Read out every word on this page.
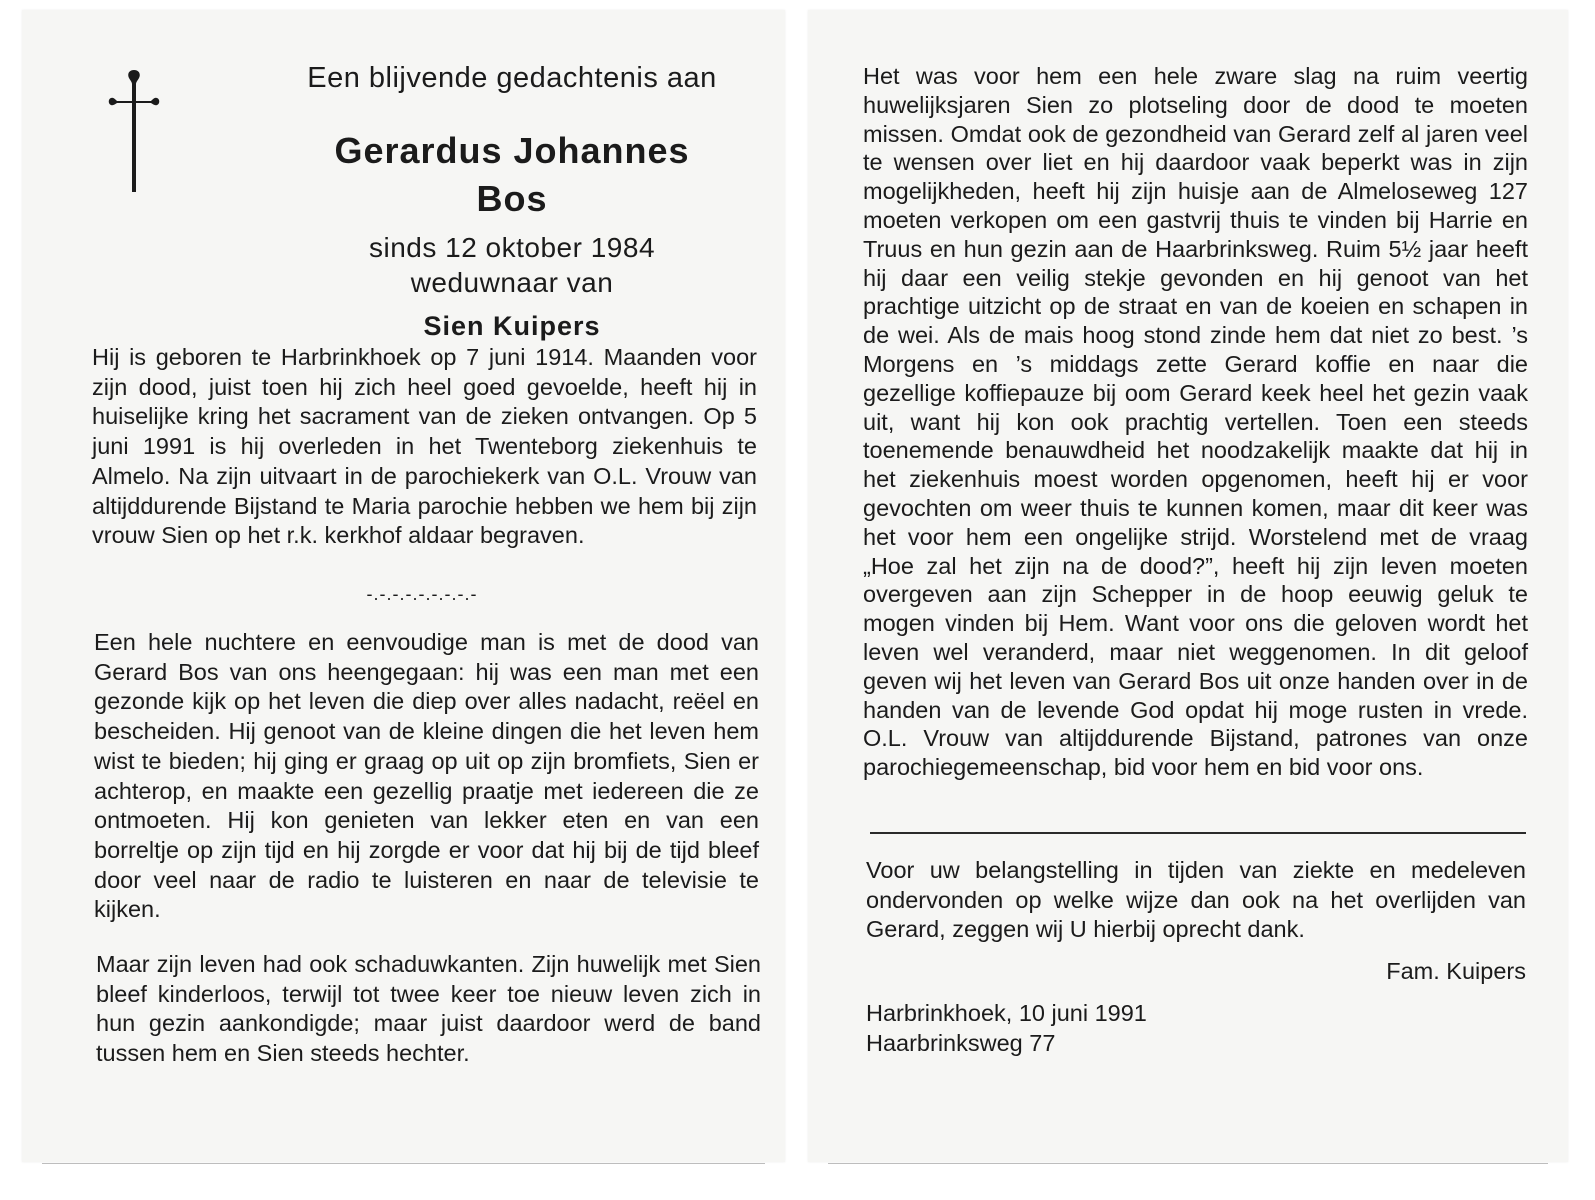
Een blijvende gedachtenis aan
Gerardus Johannes
Bos
sinds 12 oktober 1984
weduwnaar van
Sien Kuipers
Hij is geboren te Harbrinkhoek op 7 juni 1914. Maanden voor zijn dood, juist toen hij zich heel goed gevoelde, heeft hij in huiselijke kring het sacrament van de zieken ontvangen. Op 5 juni 1991 is hij overleden in het Twenteborg ziekenhuis te Almelo. Na zijn uitvaart in de parochiekerk van O.L. Vrouw van altijddurende Bijstand te Maria parochie hebben we hem bij zijn vrouw Sien op het r.k. kerkhof aldaar begraven.
-.-.-.-.-.-.-.-.-
Een hele nuchtere en eenvoudige man is met de dood van Gerard Bos van ons heengegaan: hij was een man met een gezonde kijk op het leven die diep over alles nadacht, reëel en bescheiden. Hij genoot van de kleine dingen die het leven hem wist te bieden; hij ging er graag op uit op zijn bromfiets, Sien er achterop, en maakte een gezellig praatje met iedereen die ze ontmoeten. Hij kon genieten van lekker eten en van een borreltje op zijn tijd en hij zorgde er voor dat hij bij de tijd bleef door veel naar de radio te luisteren en naar de televisie te kijken.
Maar zijn leven had ook schaduwkanten. Zijn huwelijk met Sien bleef kinderloos, terwijl tot twee keer toe nieuw leven zich in hun gezin aankondigde; maar juist daardoor werd de band tussen hem en Sien steeds hechter.
Het was voor hem een hele zware slag na ruim veertig huwelijksjaren Sien zo plotseling door de dood te moeten missen. Omdat ook de gezondheid van Gerard zelf al jaren veel te wensen over liet en hij daardoor vaak beperkt was in zijn mogelijkheden, heeft hij zijn huisje aan de Almeloseweg 127 moeten verkopen om een gastvrij thuis te vinden bij Harrie en Truus en hun gezin aan de Haarbrinksweg. Ruim 5½ jaar heeft hij daar een veilig stekje gevonden en hij genoot van het prachtige uitzicht op de straat en van de koeien en schapen in de wei. Als de mais hoog stond zinde hem dat niet zo best. ’s Morgens en ’s middags zette Gerard koffie en naar die gezellige koffiepauze bij oom Gerard keek heel het gezin vaak uit, want hij kon ook prachtig vertellen. Toen een steeds toenemende benauwdheid het noodzakelijk maakte dat hij in het ziekenhuis moest worden opgenomen, heeft hij er voor gevochten om weer thuis te kunnen komen, maar dit keer was het voor hem een ongelijke strijd. Worstelend met de vraag „Hoe zal het zijn na de dood?”, heeft hij zijn leven moeten overgeven aan zijn Schepper in de hoop eeuwig geluk te mogen vinden bij Hem. Want voor ons die geloven wordt het leven wel veranderd, maar niet weggenomen. In dit geloof geven wij het leven van Gerard Bos uit onze handen over in de handen van de levende God opdat hij moge rusten in vrede. O.L. Vrouw van altijddurende Bijstand, patrones van onze parochiegemeenschap, bid voor hem en bid voor ons.
Voor uw belangstelling in tijden van ziekte en medeleven ondervonden op welke wijze dan ook na het overlijden van Gerard, zeggen wij U hierbij oprecht dank.
Fam. Kuipers
Harbrinkhoek, 10 juni 1991
Haarbrinksweg 77
